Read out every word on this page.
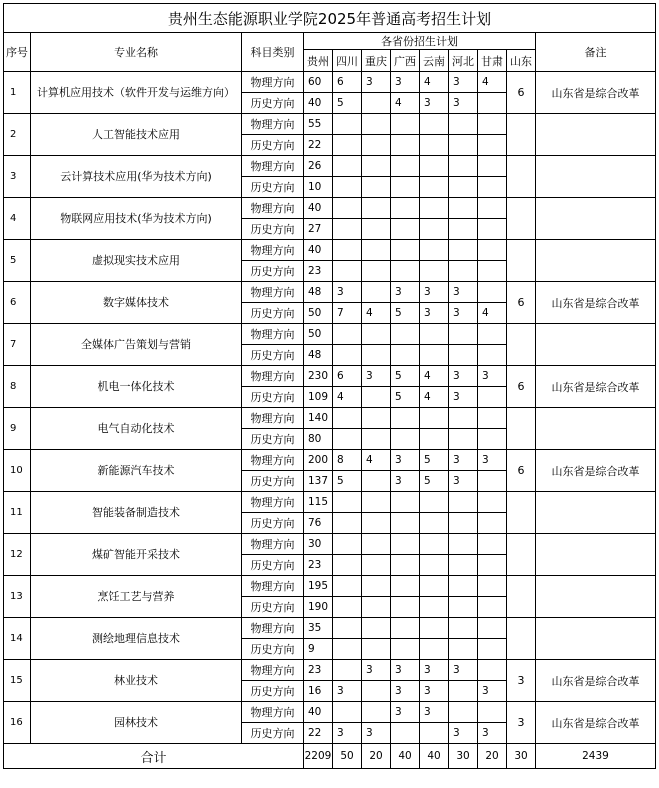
贵州生态能源职业学院2025年普通高考招生计划											
序号	专业名称	科目类别	各省份招生计划								备注
			贵州	四川	重庆	广西	云南	河北	甘肃	山东	
1	计算机应用技术（软件开发与运维方向）	物理方向	60	6	3	3	4	3	4	6	山东省是综合改革
		历史方向	40	5		4	3	3			
2	人工智能技术应用	物理方向	55								
		历史方向	22								
3	云计算技术应用(华为技术方向)	物理方向	26								
		历史方向	10								
4	物联网应用技术(华为技术方向)	物理方向	40								
		历史方向	27								
5	虚拟现实技术应用	物理方向	40								
		历史方向	23								
6	数字媒体技术	物理方向	48	3		3	3	3		6	山东省是综合改革
		历史方向	50	7	4	5	3	3	4		
7	全媒体广告策划与营销	物理方向	50								
		历史方向	48								
8	机电一体化技术	物理方向	230	6	3	5	4	3	3	6	山东省是综合改革
		历史方向	109	4		5	4	3			
9	电气自动化技术	物理方向	140								
		历史方向	80								
10	新能源汽车技术	物理方向	200	8	4	3	5	3	3	6	山东省是综合改革
		历史方向	137	5		3	5	3			
11	智能装备制造技术	物理方向	115								
		历史方向	76								
12	煤矿智能开采技术	物理方向	30								
		历史方向	23								
13	烹饪工艺与营养	物理方向	195								
		历史方向	190								
14	测绘地理信息技术	物理方向	35								
		历史方向	9								
15	林业技术	物理方向	23		3	3	3	3		3	山东省是综合改革
		历史方向	16	3		3	3		3		
16	园林技术	物理方向	40			3	3			3	山东省是综合改革
		历史方向	22	3	3			3	3		
合计			2209	50	20	40	40	30	20	30	2439
